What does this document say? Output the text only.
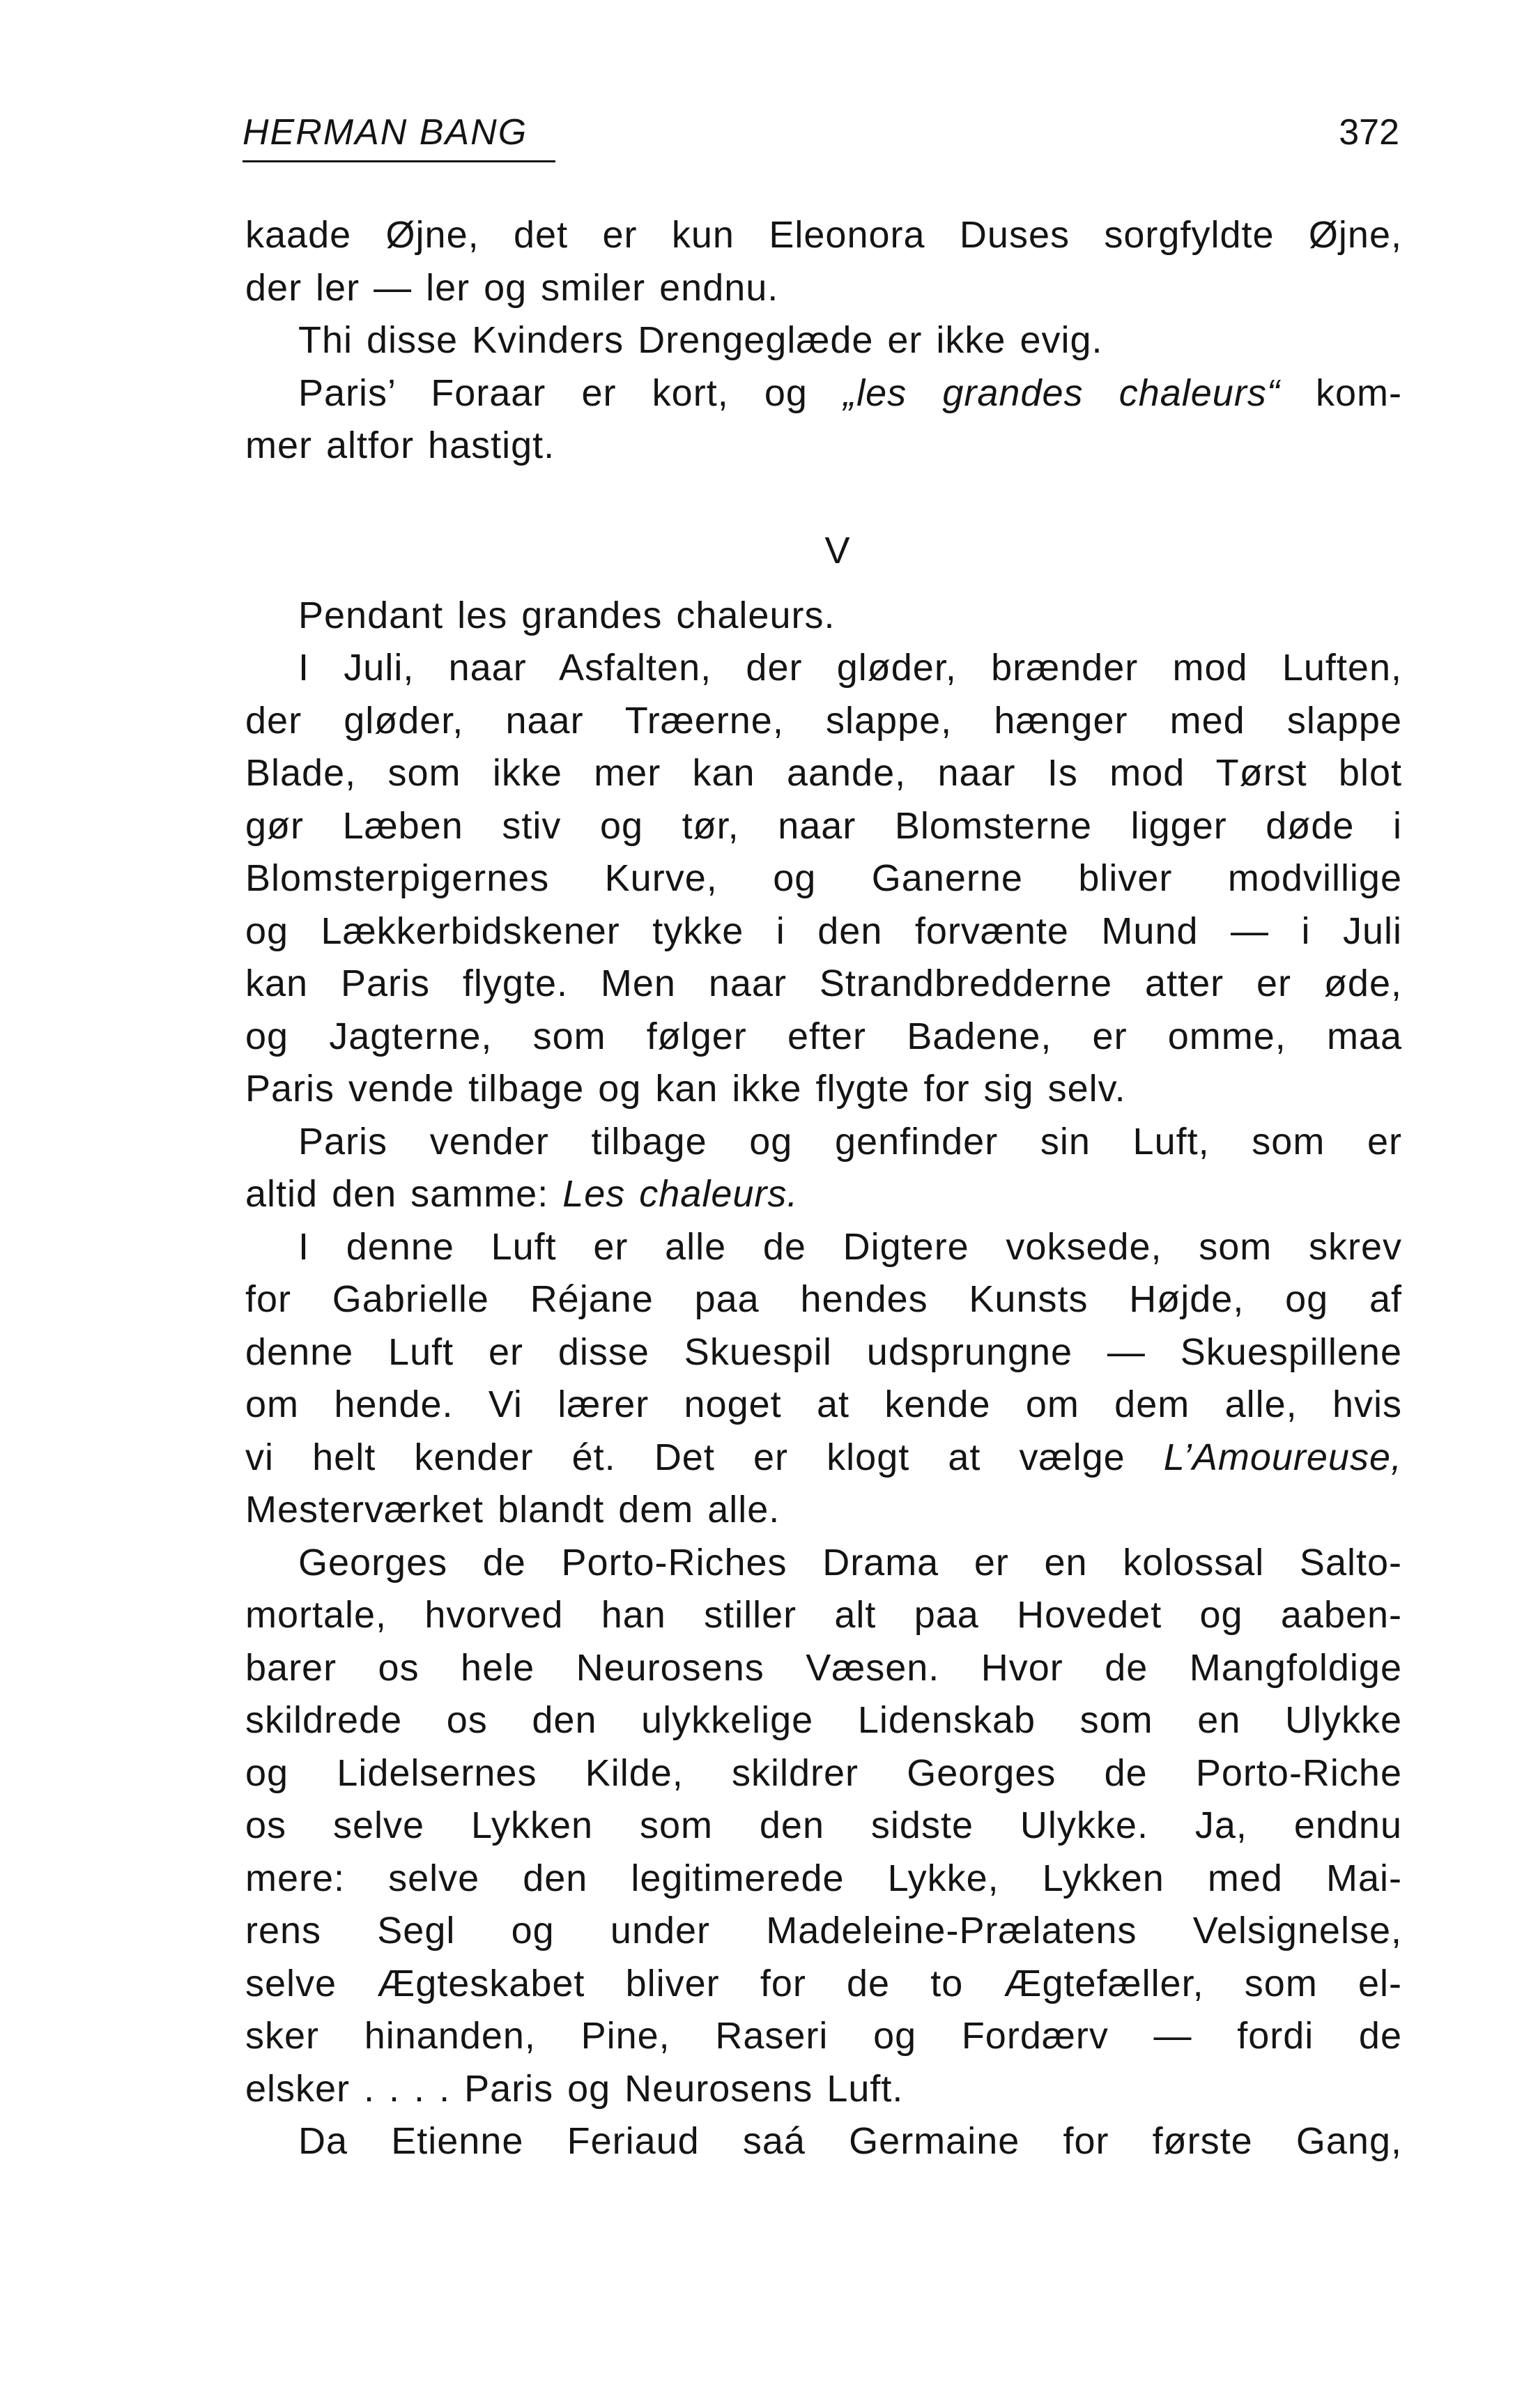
HERMAN BANG	372
kaade Øjne, det er kun Eleonora Duses sorgfyldte Øjne,
der ler — ler og smiler endnu.
Thi disse Kvinders Drengeglæde er ikke evig.
Paris’ Foraar er kort, og „les grandes chaleurs“ kom-
mer altfor hastigt.
V
Pendant les grandes chaleurs.
I Juli, naar Asfalten, der gløder, brænder mod Luften,
der gløder, naar Træerne, slappe, hænger med slappe
Blade, som ikke mer kan aande, naar Is mod Tørst blot
gør Læben stiv og tør, naar Blomsterne ligger døde i
Blomsterpigernes Kurve, og Ganerne bliver modvillige
og Lækkerbidskener tykke i den forvænte Mund — i Juli
kan Paris flygte. Men naar Strandbredderne atter er øde,
og Jagterne, som følger efter Badene, er omme, maa
Paris vende tilbage og kan ikke flygte for sig selv.
Paris vender tilbage og genfinder sin Luft, som er
altid den samme: Les chaleurs.
I denne Luft er alle de Digtere voksede, som skrev
for Gabrielle Réjane paa hendes Kunsts Højde, og af
denne Luft er disse Skuespil udsprungne — Skuespillene
om hende. Vi lærer noget at kende om dem alle, hvis
vi helt kender ét. Det er klogt at vælge L’Amoureuse,
Mesterværket blandt dem alle.
Georges de Porto-Riches Drama er en kolossal Salto-
mortale, hvorved han stiller alt paa Hovedet og aaben-
barer os hele Neurosens Væsen. Hvor de Mangfoldige
skildrede os den ulykkelige Lidenskab som en Ulykke
og Lidelsernes Kilde, skildrer Georges de Porto-Riche
os selve Lykken som den sidste Ulykke. Ja, endnu
mere: selve den legitimerede Lykke, Lykken med Mai-
rens Segl og under Madeleine-Prælatens Velsignelse,
selve Ægteskabet bliver for de to Ægtefæller, som el-
sker hinanden, Pine, Raseri og Fordærv — fordi de
elsker . . . . Paris og Neurosens Luft.
Da Etienne Feriaud saá Germaine for første Gang,
